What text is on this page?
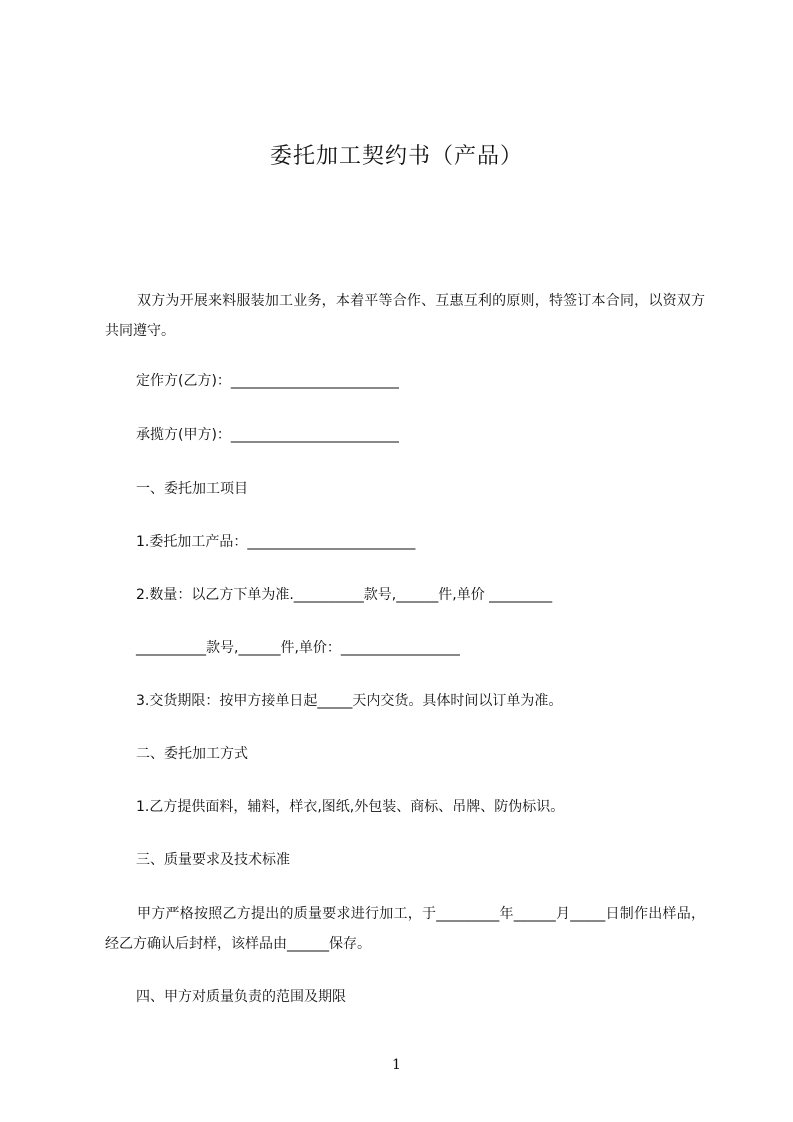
委托加工契约书（产品）
双方为开展来料服装加工业务，本着平等合作、互惠互利的原则，特签订本合同，以资双方共同遵守。
定作方(乙方)：________________________
承揽方(甲方)：________________________
一、委托加工项目
1.委托加工产品：________________________
2.数量：以乙方下单为准.__________款号,______件,单价 _________
__________款号,______件,单价：_________________
3.交货期限：按甲方接单日起_____天内交货。具体时间以订单为准。
二、委托加工方式
1.乙方提供面料，辅料，样衣,图纸,外包装、商标、吊牌、防伪标识。
三、质量要求及技术标准
甲方严格按照乙方提出的质量要求进行加工，于_________年______月_____日制作出样品，经乙方确认后封样，该样品由______保存。
四、甲方对质量负责的范围及期限
1
